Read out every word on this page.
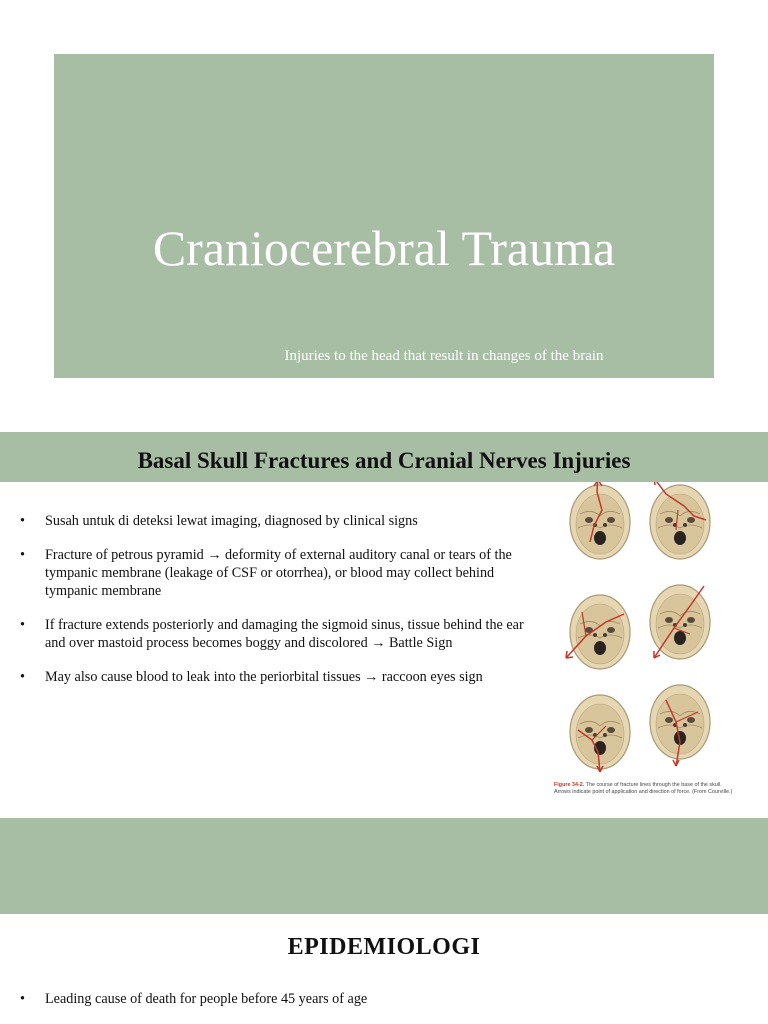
Craniocerebral Trauma

Injuries to the head that result in changes of the brain

Basal Skull Fractures and Cranial Nerves Injuries
• Susah untuk di deteksi lewat imaging, diagnosed by clinical signs
• Fracture of petrous pyramid → deformity of external auditory canal or tears of the tympanic membrane (leakage of CSF or otorrhea), or blood may collect behind tympanic membrane
• If fracture extends posteriorly and damaging the sigmoid sinus, tissue behind the ear and over mastoid process becomes boggy and discolored → Battle Sign
• May also cause blood to leak into the periorbital tissues → raccoon eyes sign
Figure 34-2. The course of fracture lines through the base of the skull. Arrows indicate point of application and direction of force. (From Courville.)
EPIDEMIOLOGI
• Leading cause of death for people before 45 years of age
